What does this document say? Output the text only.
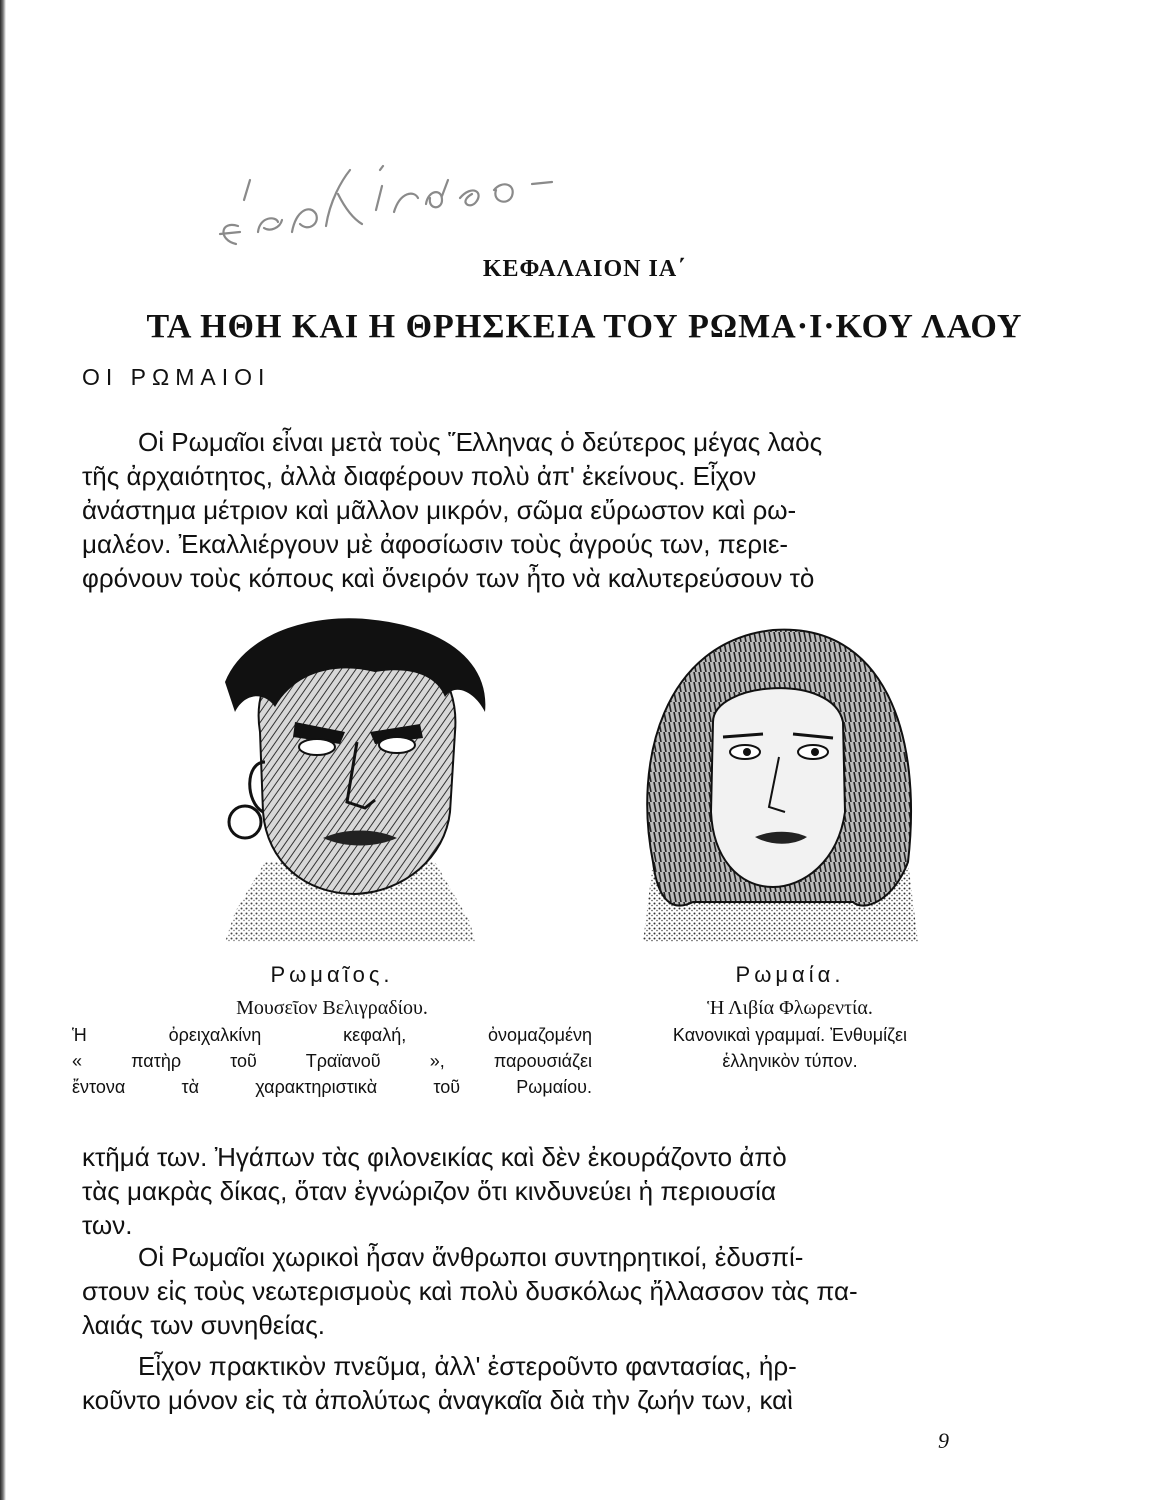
ἐργάζεται -
ΚΕΦΑΛΑΙΟΝ ΙΑ΄
ΤΑ ΗΘΗ ΚΑΙ Η ΘΡΗΣΚΕΙΑ ΤΟΥ ΡΩΜΑ·Ι·ΚΟΥ ΛΑΟΥ
ΟΙ ΡΩΜΑΙΟΙ
Οἱ Ρωμαῖοι εἶναι μετὰ τοὺς Ἕλληνας ὁ δεύτερος μέγας λαὸς
τῆς ἀρχαιότητος, ἀλλὰ διαφέρουν πολὺ ἀπ' ἐκείνους. Εἶχον
ἀνάστημα μέτριον καὶ μᾶλλον μικρόν, σῶμα εὔρωστον καὶ ρω-
μαλέον. Ἐκαλλιέργουν μὲ ἀφοσίωσιν τοὺς ἀγρούς των, περιε-
φρόνουν τοὺς κόπους καὶ ὄνειρόν των ἦτο νὰ καλυτερεύσουν τὸ
Ρωμαῖος.
Μουσεῖον Βελιγραδίου.
Ἡ ὀρειχαλκίνη κεφαλή, ὀνομαζομένη
« πατὴρ τοῦ Τραϊανοῦ », παρουσιάζει
ἔντονα τὰ χαρακτηριστικὰ τοῦ Ρωμαίου.
Ρωμαία.
Ἡ Λιβία Φλωρεντία.
Κανονικαὶ γραμμαί. Ἐνθυμίζει
ἑλληνικὸν τύπον.
κτῆμά των. Ἠγάπων τὰς φιλονεικίας καὶ δὲν ἐκουράζοντο ἀπὸ
τὰς μακρὰς δίκας, ὅταν ἐγνώριζον ὅτι κινδυνεύει ἡ περιουσία
των.
Οἱ Ρωμαῖοι χωρικοὶ ἦσαν ἄνθρωποι συντηρητικοί, ἐδυσπί-
στουν εἰς τοὺς νεωτερισμοὺς καὶ πολὺ δυσκόλως ἤλλασσον τὰς πα-
λαιάς των συνηθείας.
Εἶχον πρακτικὸν πνεῦμα, ἀλλ' ἐστεροῦντο φαντασίας, ἠρ-
κοῦντο μόνον εἰς τὰ ἀπολύτως ἀναγκαῖα διὰ τὴν ζωήν των, καὶ
9
